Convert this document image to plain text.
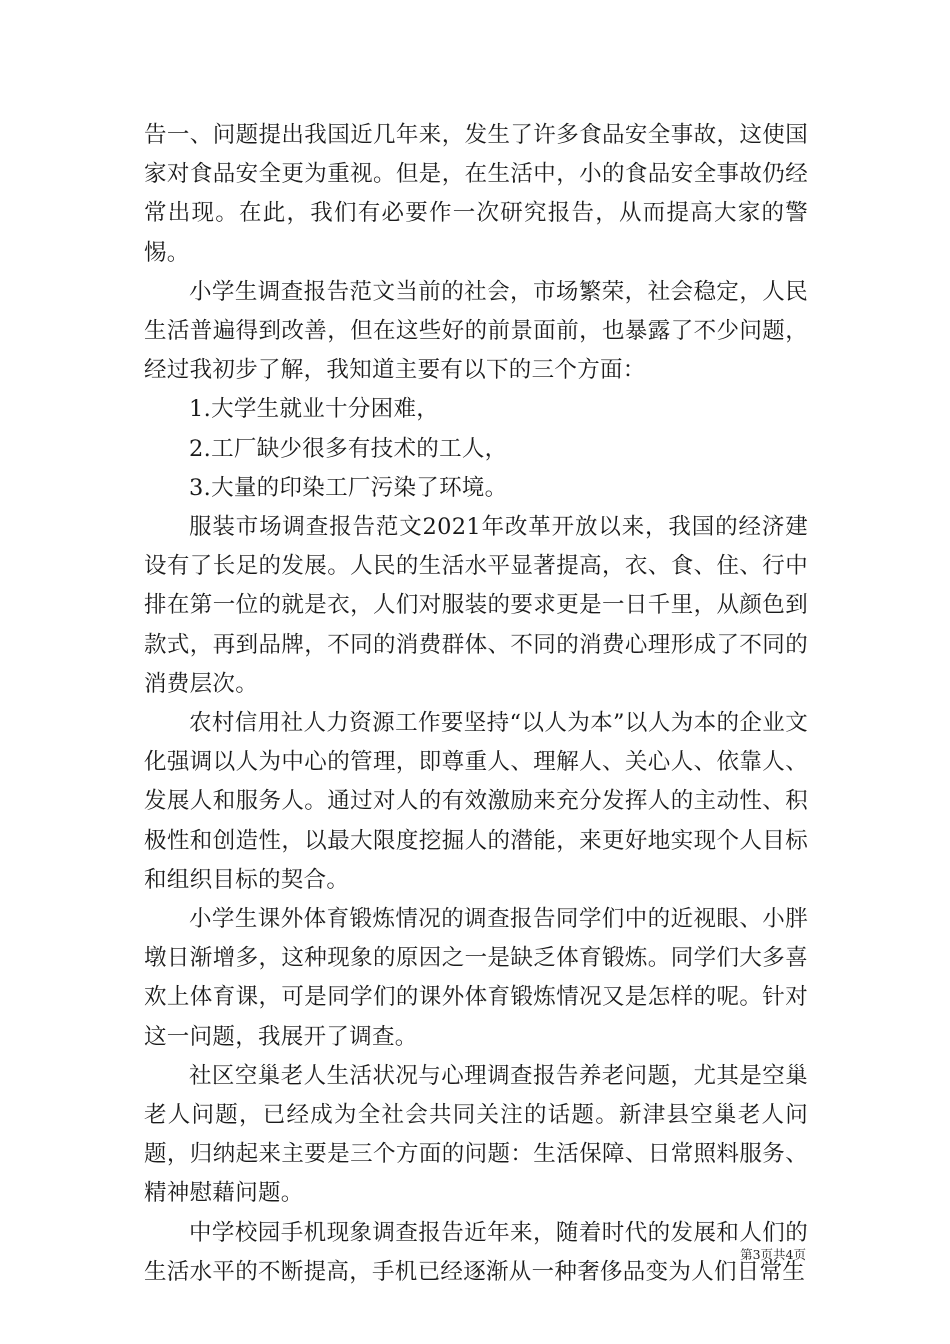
告一、问题提出我国近几年来，发生了许多食品安全事故，这使国家对食品安全更为重视。但是，在生活中，小的食品安全事故仍经常出现。在此，我们有必要作一次研究报告，从而提高大家的警惕。

小学生调查报告范文当前的社会，市场繁荣，社会稳定，人民生活普遍得到改善，但在这些好的前景面前，也暴露了不少问题，经过我初步了解，我知道主要有以下的三个方面：

1.大学生就业十分困难，

2.工厂缺少很多有技术的工人，

3.大量的印染工厂污染了环境。

服装市场调查报告范文2021年改革开放以来，我国的经济建设有了长足的发展。人民的生活水平显著提高，衣、食、住、行中排在第一位的就是衣，人们对服装的要求更是一日千里，从颜色到款式，再到品牌，不同的消费群体、不同的消费心理形成了不同的消费层次。

农村信用社人力资源工作要坚持“以人为本”以人为本的企业文化强调以人为中心的管理，即尊重人、理解人、关心人、依靠人、发展人和服务人。通过对人的有效激励来充分发挥人的主动性、积极性和创造性，以最大限度挖掘人的潜能，来更好地实现个人目标和组织目标的契合。

小学生课外体育锻炼情况的调查报告同学们中的近视眼、小胖墩日渐增多，这种现象的原因之一是缺乏体育锻炼。同学们大多喜欢上体育课，可是同学们的课外体育锻炼情况又是怎样的呢。针对这一问题，我展开了调查。

社区空巢老人生活状况与心理调查报告养老问题，尤其是空巢老人问题，已经成为全社会共同关注的话题。新津县空巢老人问题，归纳起来主要是三个方面的问题：生活保障、日常照料服务、精神慰藉问题。

中学校园手机现象调查报告近年来，随着时代的发展和人们的生活水平的不断提高，手机已经逐渐从一种奢侈品变为人们日常生

第3页共4页
